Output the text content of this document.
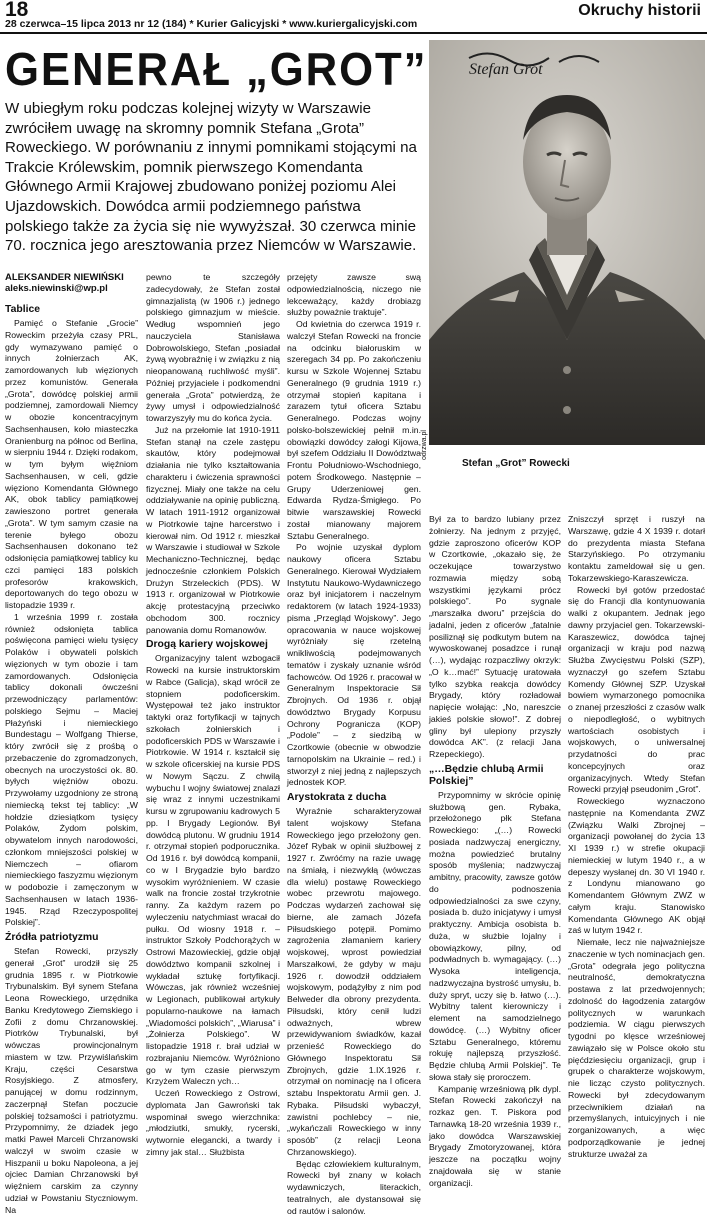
18
28 czerwca–15 lipca 2013 nr 12 (184) * Kurier Galicyjski * www.kuriergalicyjski.com
Okruchy historii
GENERAŁ „GROT”
W ubiegłym roku podczas kolejnej wizyty w Warszawie zwróciłem uwagę na skromny pomnik Stefana „Grota” Roweckiego. W porównaniu z innymi pomnikami stojącymi na Trakcie Królewskim, pomnik pierwszego Komendanta Głównego Armii Krajowej zbudowano poniżej poziomu Alei Ujazdowskich. Dowódca armii podziemnego państwa polskiego także za życia się nie wywyższał. 30 czerwca minie 70. rocznica jego aresztowania przez Niemców w Warszawie.
Stefan Grot
odrzwa.pl
Stefan „Grot” Rowecki
ALEKSANDER NIEWIŃSKI
aleks.niewinski@wp.pl
Tablice

Pamięć o Stefanie „Grocie” Roweckim przeżyła czasy PRL, gdy wymazywano pamięć o innych żołnierzach AK, zamordowanych lub więzionych przez komunistów. Generała „Grota”, dowódcę polskiej armii podziemnej, zamordowali Niemcy w obozie koncentracyjnym Sachsenhausen, koło miasteczka Oranienburg na północ od Berlina, w sierpniu 1944 r. Dzięki rodakom, w tym byłym więźniom Sachsenhausen, w celi, gdzie więziono Komendanta Głównego AK, obok tablicy pamiątkowej zawieszono portret generała „Grota”. W tym samym czasie na terenie byłego obozu Sachsenhausen dokonano też odsłonięcia pamiątkowej tablicy ku czci pamięci 183 polskich profesorów krakowskich, deportowanych do tego obozu w listopadzie 1939 r.

1 września 1999 r. została również odsłonięta tablica poświęcona pamięci wielu tysięcy Polaków i obywateli polskich więzionych w tym obozie i tam zamordowanych. Odsłonięcia tablicy dokonali ówcześni przewodniczący parlamentów: polskiego Sejmu – Maciej Płażyński i niemieckiego Bundestagu – Wolfgang Thierse, który zwrócił się z prośbą o przebaczenie do zgromadzonych, obecnych na uroczystości ok. 80. byłych więźniów obozu. Przywołamy uzgodniony ze stroną niemiecką tekst tej tablicy: „W hołdzie dziesiątkom tysięcy Polaków, Żydom polskim, obywatelom innych narodowości, członkom mniejszości polskiej w Niemczech – ofiarom niemieckiego faszyzmu więzionym w podobozie i zamęczonym w Sachsenhausen w latach 1936-1945. Rząd Rzeczypospolitej Polskiej”.

Źródła patriotyzmu

Stefan Rowecki, przyszły generał „Grot” urodził się 25 grudnia 1895 r. w Piotrkowie Trybunalskim. Był synem Stefana Leona Roweckiego, urzędnika Banku Kredytowego Ziemskiego i Zofii z domu Chrzanowskiej. Piotrków Trybunalski, był wówczas prowincjonalnym miastem w tzw. Przywiślańskim Kraju, części Cesarstwa Rosyjskiego. Z atmosfery, panującej w domu rodzinnym, zaczerpnął Stefan poczucie polskiej tożsamości i patriotyzmu. Przypomnimy, że dziadek jego matki Paweł Marceli Chrzanowski walczył w swoim czasie w Hiszpanii u boku Napoleona, a jej ojciec Damian Chrzanowski był więźniem carskim za czynny udział w Powstaniu Styczniowym. Na

pewno te szczegóły zadecydowały, że Stefan został gimnazjalistą (w 1906 r.) jednego polskiego gimnazjum w mieście. Według wspomnień jego nauczyciela Stanisława Dobrowolskiego, Stefan „posiadał żywą wyobraźnię i w związku z nią nieopanowaną ruchliwość myśli”. Później przyjaciele i podkomendni generała „Grota” potwierdzą, że żywy umysł i odpowiedzialność towarzyszyły mu do końca życia.

Już na przełomie lat 1910-1911 Stefan stanął na czele zastępu skautów, który podejmował działania nie tylko kształtowania charakteru i ćwiczenia sprawności fizycznej. Miały one także na celu oddziaływanie na opinię publiczną. W latach 1911-1912 organizował w Piotrkowie tajne harcerstwo i kierował nim. Od 1912 r. mieszkał w Warszawie i studiował w Szkole Mechaniczno-Technicznej, będąc jednocześnie członkiem Polskich Drużyn Strzeleckich (PDS). W 1913 r. organizował w Piotrkowie akcję protestacyjną przeciwko obchodom 300. rocznicy panowania domu Romanowów.

Drogą kariery wojskowej

Organizacyjny talent wzbogacił Rowecki na kursie instruktorskim w Rabce (Galicja), skąd wrócił ze stopniem podoficerskim. Występował też jako instruktor taktyki oraz fortyfikacji w tajnych szkołach żołnierskich i podoficerskich PDS w Warszawie i Piotrkowie. W 1914 r. kształcił się w szkole oficerskiej na kursie PDS w Nowym Sączu. Z chwilą wybuchu I wojny światowej znalazł się wraz z innymi uczestnikami kursu w zgrupowaniu kadrowych 5 pp. I Brygady Legionów. Był dowódcą plutonu. W grudniu 1914 r. otrzymał stopień podporucznika. Od 1916 r. był dowódcą kompanii, co w I Brygadzie było bardzo wysokim wyróżnieniem. W czasie walk na froncie został trzykrotnie ranny. Za każdym razem po wyleczeniu natychmiast wracał do pułku. Od wiosny 1918 r. – instruktor Szkoły Podchorążych w Ostrowi Mazowieckiej, gdzie objął dowództwo kompanii szkolnej i wykładał sztukę fortyfikacji. Wówczas, jak również wcześniej w Legionach, publikował artykuły popularno-naukowe na łamach „Wiadomości polskich”, „Wiarusa” i „Żołnierza Polskiego”. W listopadzie 1918 r. brał udział w rozbrajaniu Niemców. Wyróżniono go w tym czasie pierwszym Krzyżem Waleczn ych…

Uczeń Roweckiego z Ostrowi, dyplomata Jan Gawroński tak wspominał swego wierzchnika: „młodziutki, smukły, rycerski, wytwornie elegancki, a twardy i zimny jak stal… Służbista

przejęty zawsze swą odpowiedzialnością, niczego nie lekceważący, każdy drobiazg służby poważnie traktuje”.

Od kwietnia do czerwca 1919 r. walczył Stefan Rowecki na froncie na odcinku białoruskim w szeregach 34 pp. Po zakończeniu kursu w Szkole Wojennej Sztabu Generalnego (9 grudnia 1919 r.) otrzymał stopień kapitana i zarazem tytuł oficera Sztabu Generalnego. Podczas wojny polsko-bolszewickiej pełnił m.in. obowiązki dowódcy załogi Kijowa, był szefem Oddziału II Dowództwa Frontu Południowo-Wschodniego, potem Środkowego. Następnie – Grupy Uderzeniowej gen. Edwarda Rydza-Śmigłego. Po bitwie warszawskiej Rowecki został mianowany majorem Sztabu Generalnego.

Po wojnie uzyskał dyplom naukowy oficera Sztabu Generalnego. Kierował Wydziałem Instytutu Naukowo-Wydawniczego oraz był inicjatorem i naczelnym redaktorem (w latach 1924-1933) pisma „Przegląd Wojskowy”. Jego opracowania w nauce wojskowej wyróżniały się rzetelną wnikliwością podejmowanych tematów i zyskały uznanie wśród fachowców. Od 1926 r. pracował w Generalnym Inspektoracie Sił Zbrojnych. Od 1936 r. objął dowództwo Brygady Korpusu Ochrony Pogranicza (KOP) „Podole” – z siedzibą w Czortkowie (obecnie w obwodzie tarnopolskim na Ukrainie – red.) i stworzył z niej jedną z najlepszych jednostek KOP.

Arystokrata z ducha

Wyraźnie scharakteryzował talent wojskowy Stefana Roweckiego jego przełożony gen. Józef Rybak w opinii służbowej z 1927 r. Zwróćmy na razie uwagę na śmiałą, i niezwykłą (wówczas dla wielu) postawę Roweckiego wobec przewrotu majowego. Podczas wydarzeń zachował się bierne, ale zamach Józefa Piłsudskiego potępił. Pomimo zagrożenia złamaniem kariery wojskowej, wprost powiedział Marszałkowi, że gdyby w maju 1926 r. dowodził oddziałem wojskowym, podążyłby z nim pod Belweder dla obrony prezydenta. Piłsudski, który cenił ludzi odważnych, wbrew przewidywaniom świadków, kazał przenieść Roweckiego do Głównego Inspektoratu Sił Zbrojnych, gdzie 1.IX.1926 r. otrzymał on nominację na I oficera sztabu Inspektoratu Armii gen. J. Rybaka. Piłsudski wybaczył, zawistni pochlebcy – nie, „wykańczali Roweckiego w inny sposób” (z relacji Leona Chrzanowskiego).

Będąc człowiekiem kulturalnym, Rowecki był znany w kołach wydawniczych, literackich, teatralnych, ale dystansował się od rautów i salonów.

Był za to bardzo lubiany przez żołnierzy. Na jednym z przyjęć, gdzie zaproszono oficerów KOP w Czortkowie, „okazało się, że oczekujące towarzystwo rozmawia między sobą wszystkimi językami prócz polskiego”. Po sygnale „marszałka dworu” przejścia do jadalni, jeden z oficerów „fatalnie posiliznął się podkutym butem na wywoskowanej posadzce i runął (…), wydając rozpaczliwy okrzyk: „O k…mać!” Sytuację uratowała tylko szybka reakcja dowódcy Brygady, który rozładował napięcie wołając: „No, nareszcie jakieś polskie słowo!”. Z dobrej gliny był ulepiony przyszły dowódca AK”. (z relacji Jana Rzepeckiego).

„…Będzie chlubą Armii Polskiej”

Przypomnimy w skrócie opinię służbową gen. Rybaka, przełożonego płk Stefana Roweckiego: „(…) Rowecki posiada nadzwyczaj energiczny, można powiedzieć brutalny sposób myślenia; nadzwyczaj ambitny, pracowity, zawsze gotów do podnoszenia odpowiedzialności za swe czyny, posiada b. dużo inicjatywy i umysł praktyczny. Ambicja osobista b. duża, w służbie lojalny i obowiązkowy, pilny, od podwładnych b. wymagający. (…) Wysoka inteligencja, nadzwyczajna bystrość umysłu, b. duży spryt, uczy się b. łatwo (…). Wybitny talent kierowniczy i element na samodzielnego dowódcę. (…) Wybitny oficer Sztabu Generalnego, któremu rokuję najlepszą przyszłość. Będzie chlubą Armii Polskiej”. Te słowa stały się proroczem.

Kampanię wrześniową płk dypl. Stefan Rowecki zakończył na rozkaz gen. T. Piskora pod Tarnawką 18-20 września 1939 r., jako dowódca Warszawskiej Brygady Zmotoryzowanej, która jeszcze na początku wojny znajdowała się w stanie organizacji.

Zniszczył sprzęt i ruszył na Warszawę, gdzie 4 X 1939 r. dotarł do prezydenta miasta Stefana Starzyńskiego. Po otrzymaniu kontaktu zameldował się u gen. Tokarzewskiego-Karaszewicza.

Rowecki był gotów przedostać się do Francji dla kontynuowania walki z okupantem. Jednak jego dawny przyjaciel gen. Tokarzewski-Karaszewicz, dowódca tajnej organizacji w kraju pod nazwą Służba Zwycięstwu Polski (SZP), wyznaczył go szefem Sztabu Komendy Głównej SZP. Uzyskał bowiem wymarzonego pomocnika o znanej przeszłości z czasów walk o niepodległość, o wybitnych wartościach osobistych i wojskowych, o uniwersalnej przydatności do prac koncepcyjnych oraz organizacyjnych. Wtedy Stefan Rowecki przyjął pseudonim „Grot”.

Roweckiego wyznaczono następnie na Komendanta ZWZ (Związku Walki Zbrojnej – organizacji powołanej do życia 13 XI 1939 r.) w strefie okupacji niemieckiej w lutym 1940 r., a w depeszy wysłanej dn. 30 VI 1940 r. z Londynu mianowano go Komendantem Głównym ZWZ w całym kraju. Stanowisko Komendanta Głównego AK objął zaś w lutym 1942 r.

Niemałe, lecz nie najważniejsze znaczenie w tych nominacjach gen. „Grota” odegrała jego polityczna neutralność, demokratyczna postawa z lat przedwojennych; zdolność do łagodzenia zatargów politycznych w warunkach podziemia. W ciągu pierwszych tygodni po klęsce wrześniowej zawiązało się w Polsce około stu pięćdziesięciu organizacji, grup i grupek o charakterze wojskowym, nie licząc czysto politycznych. Rowecki był zdecydowanym przeciwnikiem działań na przemyślanych, intuicyjnych i nie zorganizowanych, a więc podporządkowanie je jednej strukturze uważał za
